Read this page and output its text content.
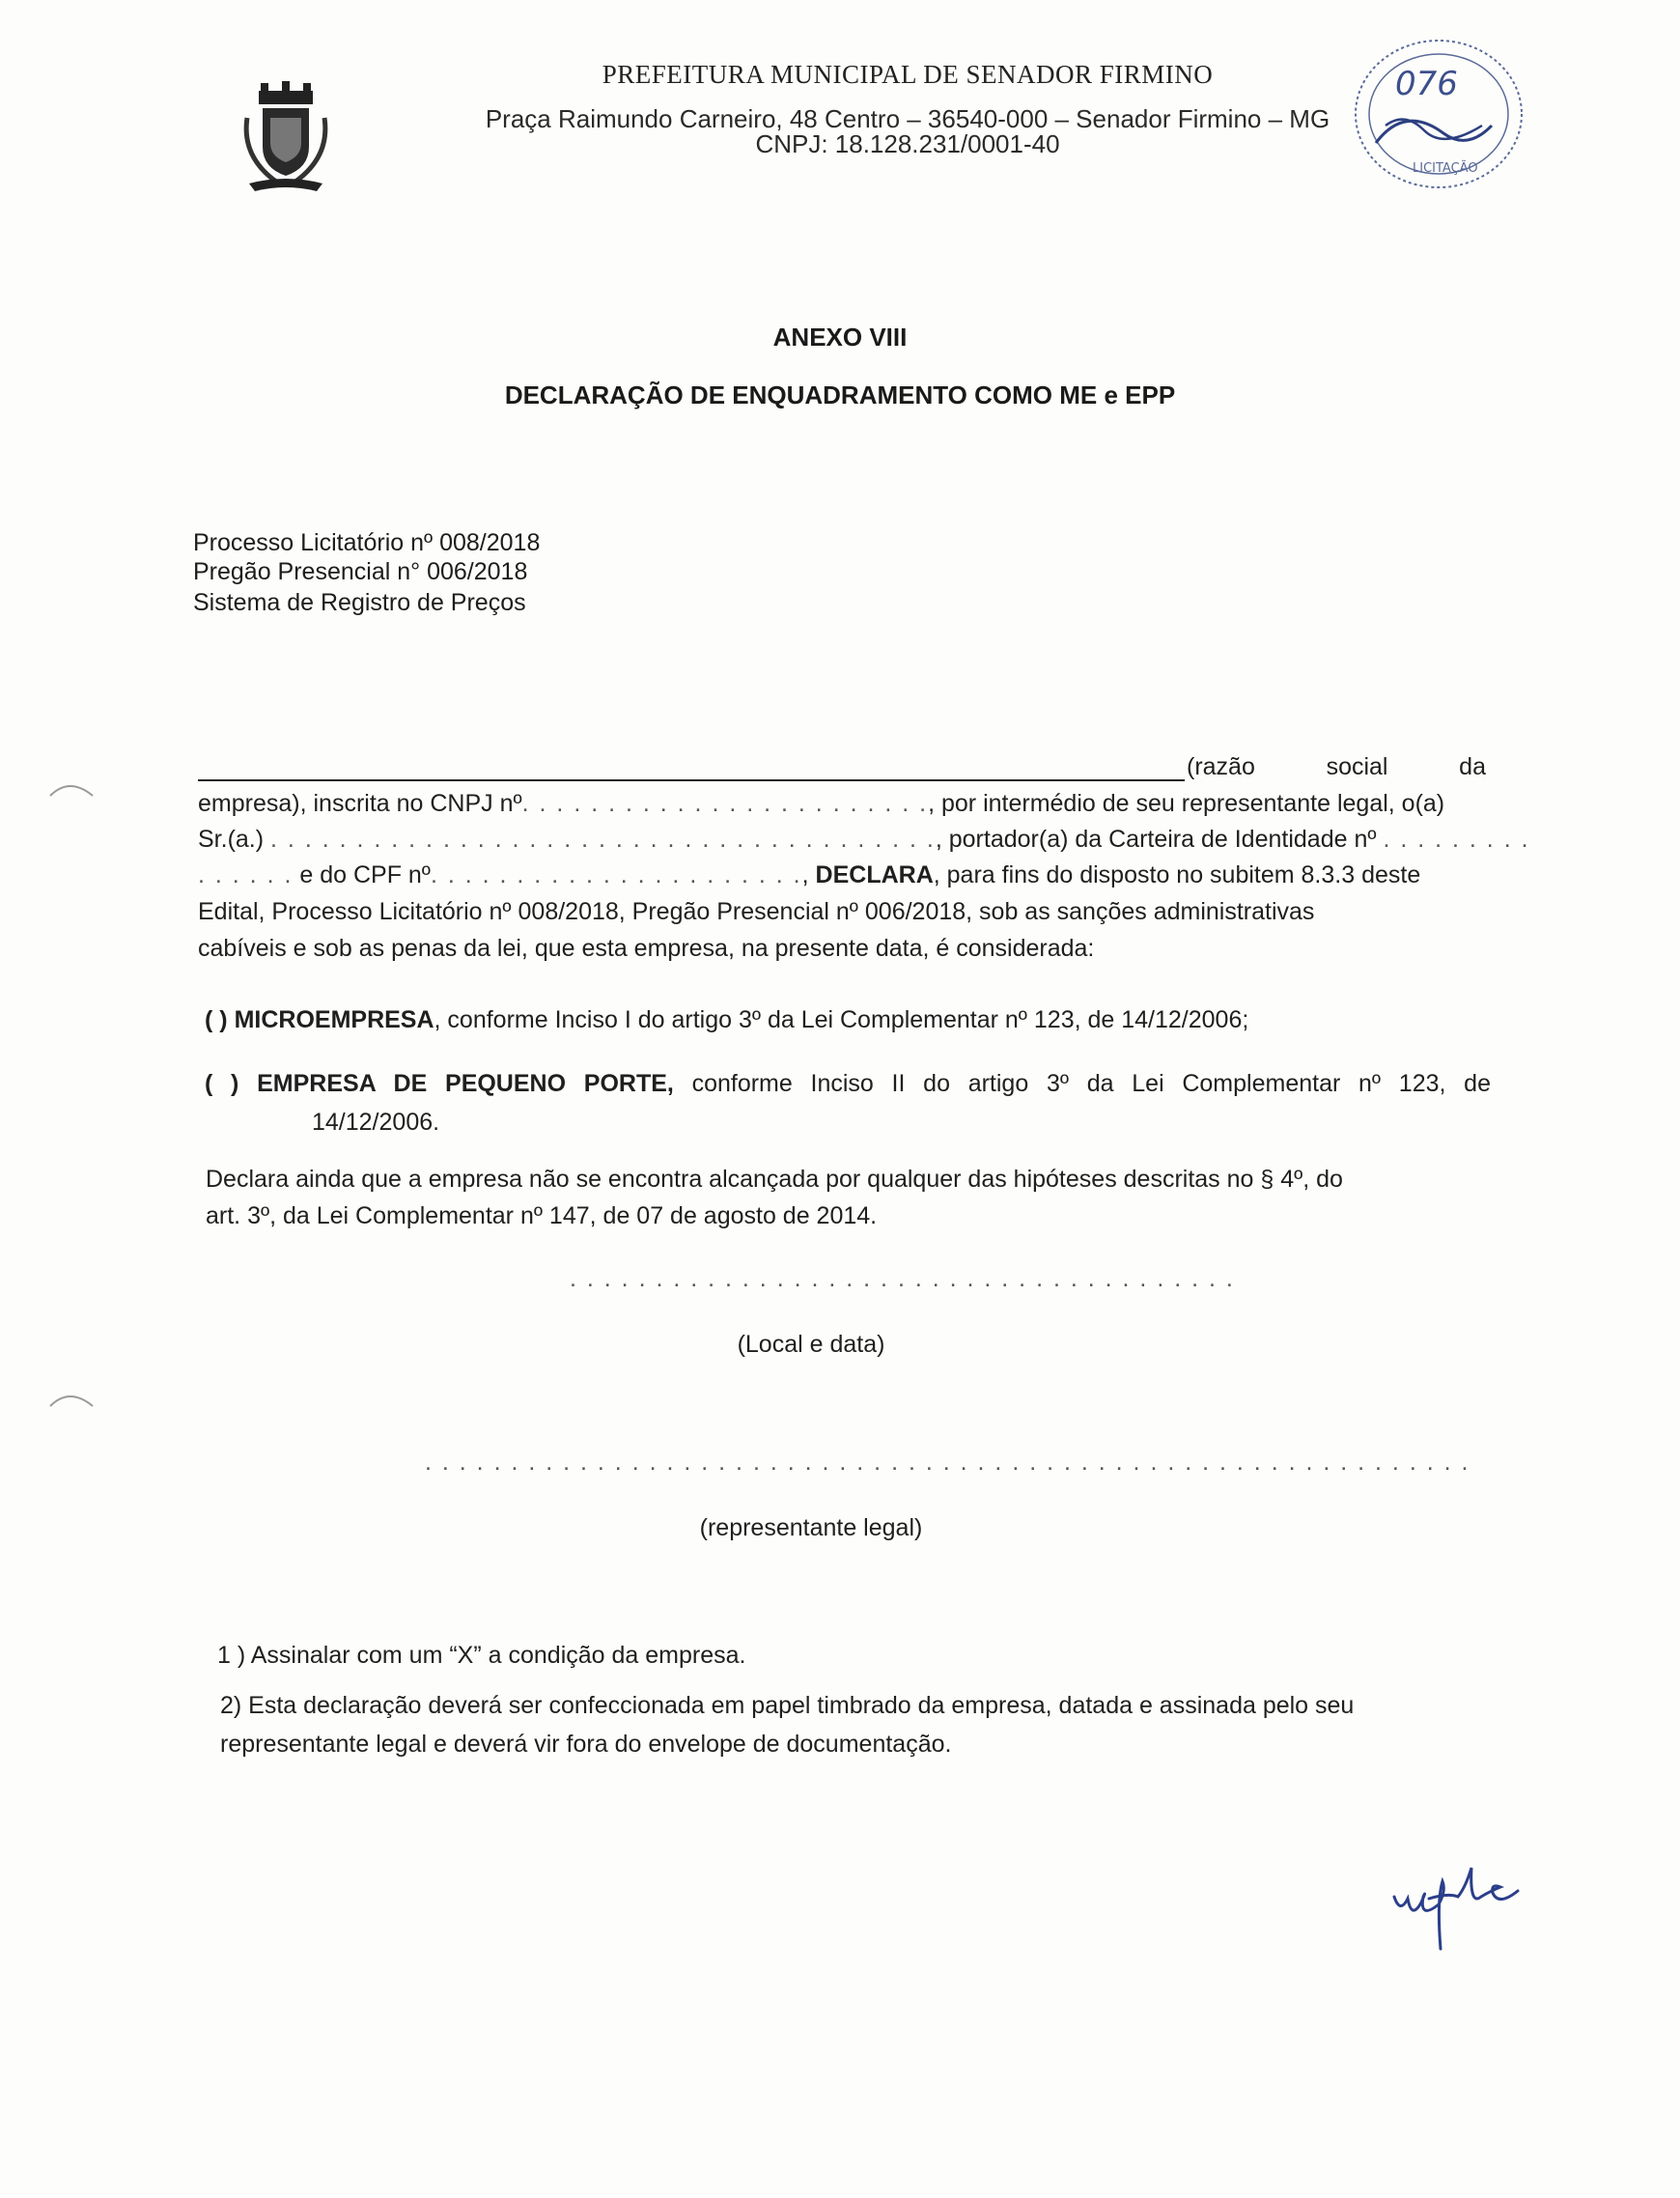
PREFEITURA MUNICIPAL DE SENADOR FIRMINO
Praça Raimundo Carneiro, 48 Centro – 36540-000 – Senador Firmino – MG
CNPJ: 18.128.231/0001-40
076
LICITAÇÃO
ANEXO VIII
DECLARAÇÃO DE ENQUADRAMENTO COMO ME e EPP
Processo Licitatório nº 008/2018
Pregão Presencial n° 006/2018
Sistema de Registro de Preços
(razão	social	da
empresa), inscrita no CNPJ nº. . . . . . . . . . . . . . . . . . . . . . . ., por intermédio de seu representante legal, o(a)
Sr.(a.) . . . . . . . . . . . . . . . . . . . . . . . . . . . . . . . . . . . . . . ., portador(a) da Carteira de Identidade nº . . . . . . . . .
. . . . . . e do CPF nº. . . . . . . . . . . . . . . . . . . . . ., DECLARA, para fins do disposto no subitem 8.3.3 deste
Edital, Processo Licitatório nº 008/2018, Pregão Presencial nº 006/2018, sob as sanções administrativas
cabíveis e sob as penas da lei, que esta empresa, na presente data, é considerada:
( ) MICROEMPRESA, conforme Inciso I do artigo 3º da Lei Complementar nº 123, de 14/12/2006;
( ) EMPRESA DE PEQUENO PORTE, conforme Inciso II do artigo 3º da Lei Complementar nº 123, de
14/12/2006.
Declara ainda que a empresa não se encontra alcançada por qualquer das hipóteses descritas no § 4º, do
art. 3º, da Lei Complementar nº 147, de 07 de agosto de 2014.
. . . . . . . . . . . . . . . . . . . . . . . . . . . . . . . . . . . . . . .
(Local e data)
. . . . . . . . . . . . . . . . . . . . . . . . . . . . . . . . . . . . . . . . . . . . . . . . . . . . . . . . . . . . .
(representante legal)
1 ) Assinalar com um “X” a condição da empresa.
2) Esta declaração deverá ser confeccionada em papel timbrado da empresa, datada e assinada pelo seu
representante legal e deverá vir fora do envelope de documentação.
